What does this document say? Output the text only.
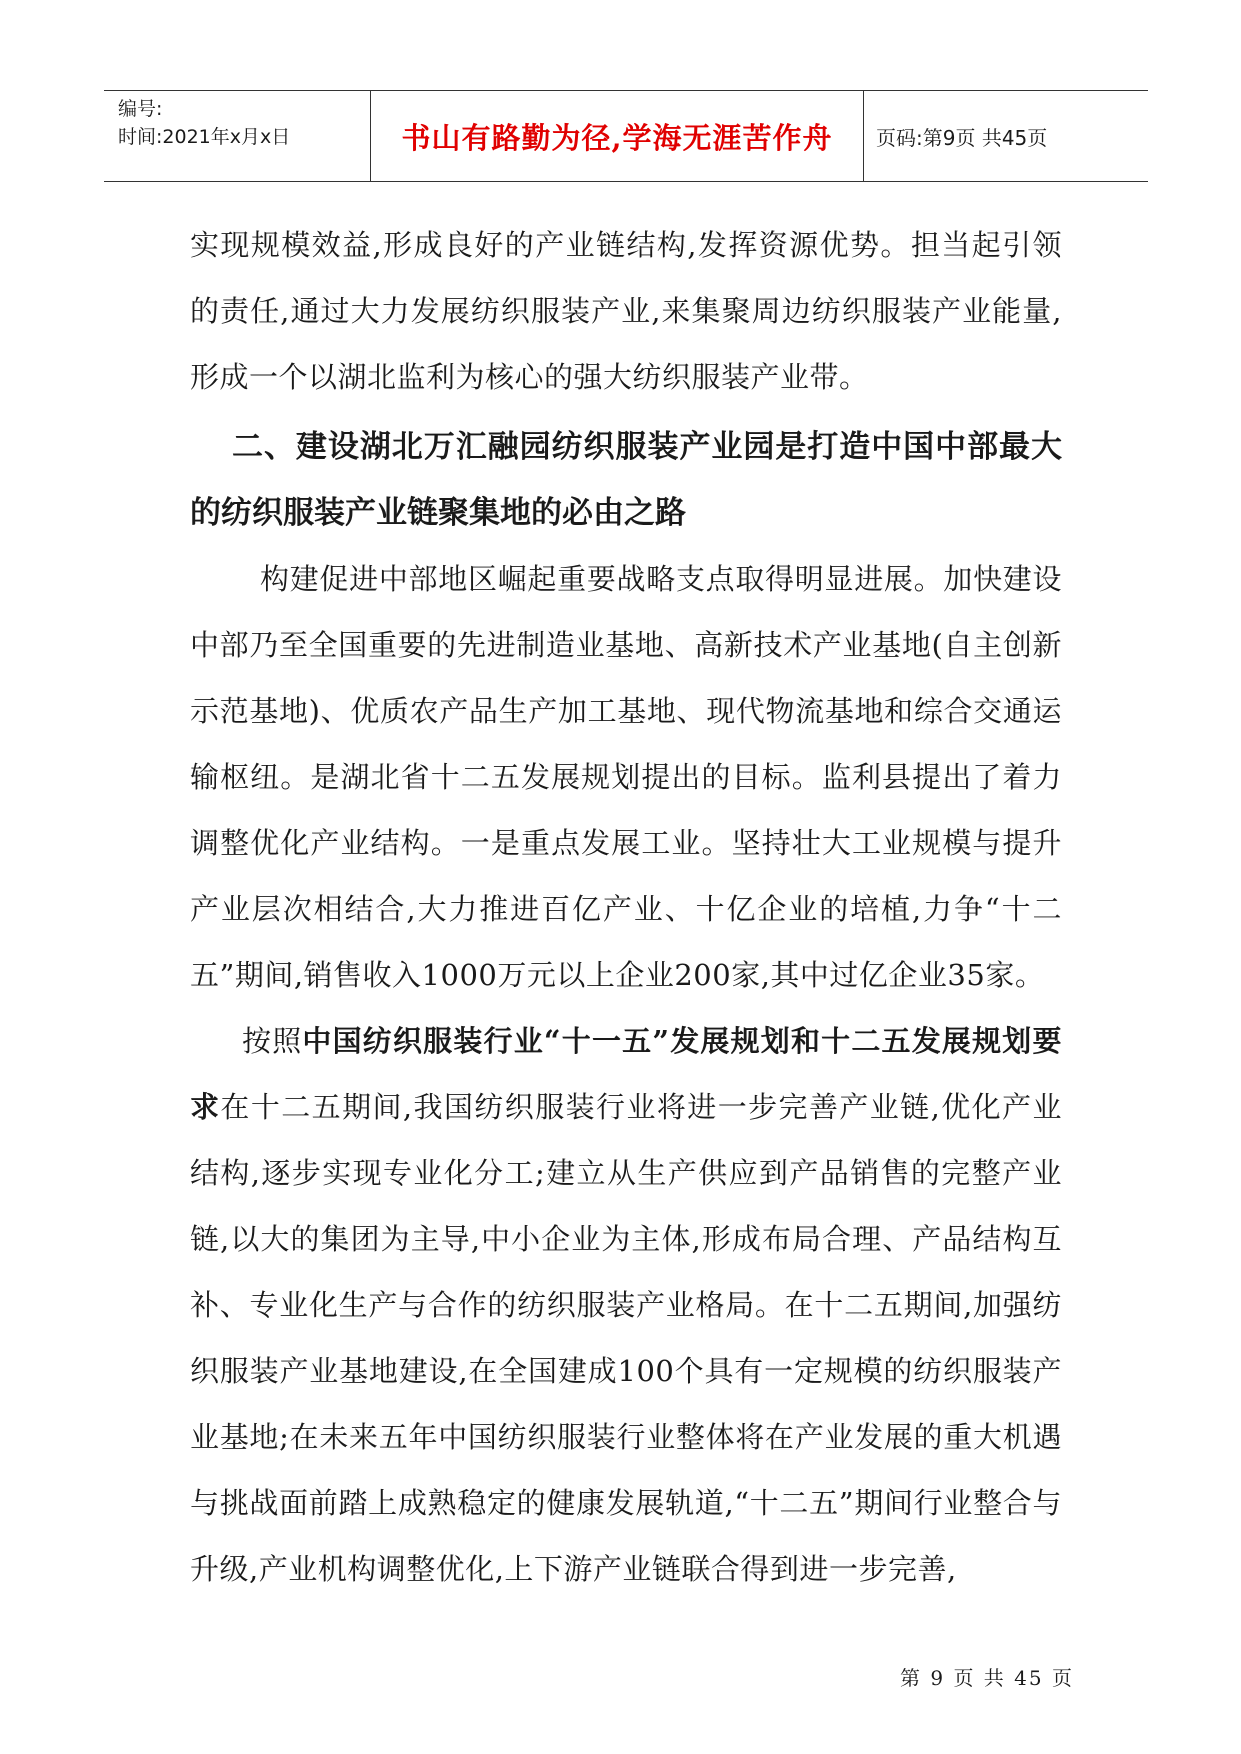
编号:
时间:2021年x月x日	书山有路勤为径,学海无涯苦作舟	页码:第9页 共45页

实现规模效益,形成良好的产业链结构,发挥资源优势。担当起引领的责任,通过大力发展纺织服装产业,来集聚周边纺织服装产业能量,形成一个以湖北监利为核心的强大纺织服装产业带。

二、建设湖北万汇融园纺织服装产业园是打造中国中部最大的纺织服装产业链聚集地的必由之路

构建促进中部地区崛起重要战略支点取得明显进展。加快建设中部乃至全国重要的先进制造业基地、高新技术产业基地(自主创新示范基地)、优质农产品生产加工基地、现代物流基地和综合交通运输枢纽。是湖北省十二五发展规划提出的目标。监利县提出了着力调整优化产业结构。一是重点发展工业。坚持壮大工业规模与提升产业层次相结合,大力推进百亿产业、十亿企业的培植,力争“十二五”期间,销售收入1000万元以上企业200家,其中过亿企业35家。

按照中国纺织服装行业“十一五”发展规划和十二五发展规划要求在十二五期间,我国纺织服装行业将进一步完善产业链,优化产业结构,逐步实现专业化分工;建立从生产供应到产品销售的完整产业链,以大的集团为主导,中小企业为主体,形成布局合理、产品结构互补、专业化生产与合作的纺织服装产业格局。在十二五期间,加强纺织服装产业基地建设,在全国建成100个具有一定规模的纺织服装产业基地;在未来五年中国纺织服装行业整体将在产业发展的重大机遇与挑战面前踏上成熟稳定的健康发展轨道,“十二五”期间行业整合与升级,产业机构调整优化,上下游产业链联合得到进一步完善,

第 9 页 共 45 页
